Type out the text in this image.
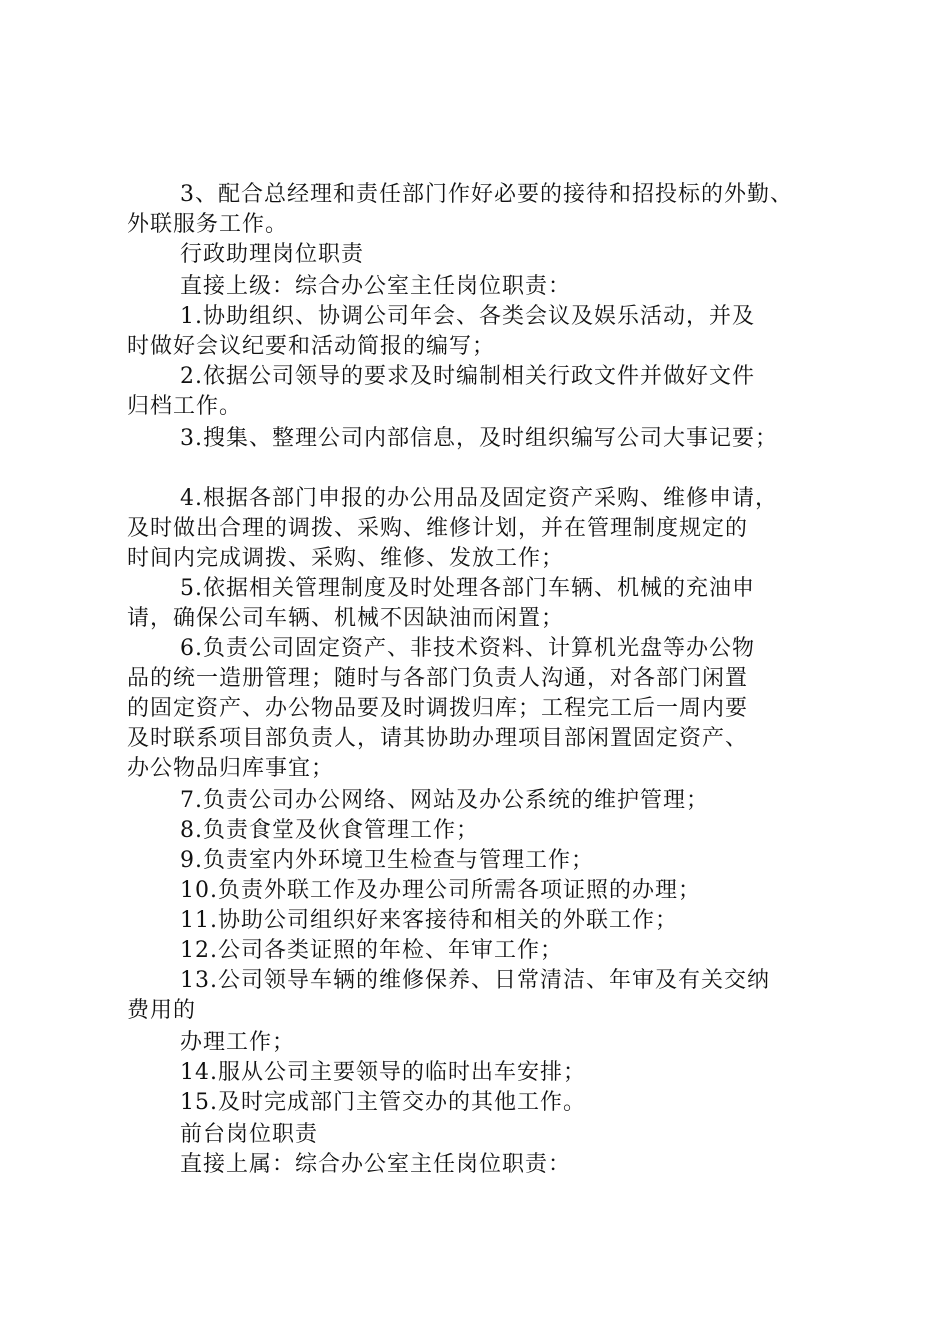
3、配合总经理和责任部门作好必要的接待和招投标的外勤、
外联服务工作。
行政助理岗位职责
直接上级：综合办公室主任岗位职责：
1.协助组织、协调公司年会、各类会议及娱乐活动，并及
时做好会议纪要和活动简报的编写；
2.依据公司领导的要求及时编制相关行政文件并做好文件
归档工作。
3.搜集、整理公司内部信息，及时组织编写公司大事记要；
4.根据各部门申报的办公用品及固定资产采购、维修申请，
及时做出合理的调拨、采购、维修计划，并在管理制度规定的
时间内完成调拨、采购、维修、发放工作；
5.依据相关管理制度及时处理各部门车辆、机械的充油申
请，确保公司车辆、机械不因缺油而闲置；
6.负责公司固定资产、非技术资料、计算机光盘等办公物
品的统一造册管理；随时与各部门负责人沟通，对各部门闲置
的固定资产、办公物品要及时调拨归库；工程完工后一周内要
及时联系项目部负责人，请其协助办理项目部闲置固定资产、
办公物品归库事宜；
7.负责公司办公网络、网站及办公系统的维护管理；
8.负责食堂及伙食管理工作；
9.负责室内外环境卫生检查与管理工作；
10.负责外联工作及办理公司所需各项证照的办理；
11.协助公司组织好来客接待和相关的外联工作；
12.公司各类证照的年检、年审工作；
13.公司领导车辆的维修保养、日常清洁、年审及有关交纳
费用的
办理工作；
14.服从公司主要领导的临时出车安排；
15.及时完成部门主管交办的其他工作。
前台岗位职责
直接上属：综合办公室主任岗位职责：
